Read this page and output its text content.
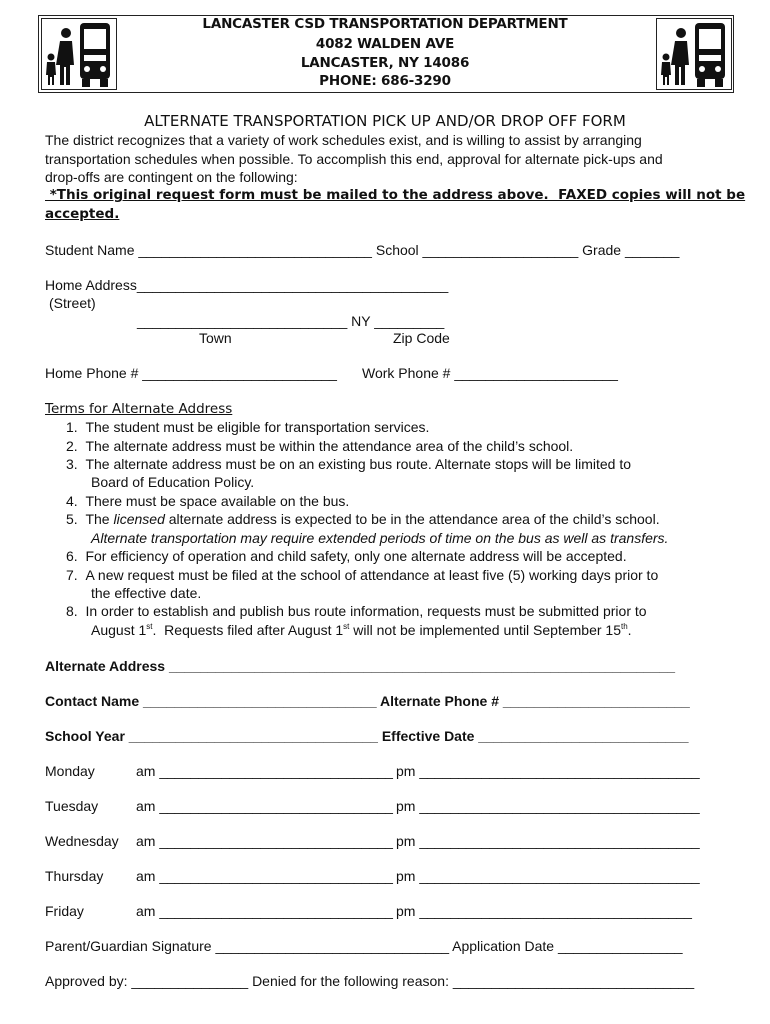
LANCASTER CSD TRANSPORTATION DEPARTMENT
4082 WALDEN AVE
LANCASTER, NY 14086
PHONE: 686-3290
ALTERNATE TRANSPORTATION PICK UP AND/OR DROP OFF FORM
The district recognizes that a variety of work schedules exist, and is willing to assist by arranging
transportation schedules when possible. To accomplish this end, approval for alternate pick-ups and
drop-offs are contingent on the following:
*This original request form must be mailed to the address above.  FAXED copies will not be
accepted.
Student Name ______________________________ School ____________________ Grade _______
Home Address________________________________________
(Street)
___________________________ NY _________
Town	Zip Code
Home Phone # _________________________ Work Phone # _____________________
Terms for Alternate Address
1. The student must be eligible for transportation services.
2. The alternate address must be within the attendance area of the child’s school.
3. The alternate address must be on an existing bus route. Alternate stops will be limited to
Board of Education Policy.
4. There must be space available on the bus.
5. The licensed alternate address is expected to be in the attendance area of the child’s school.
Alternate transportation may require extended periods of time on the bus as well as transfers.
6. For efficiency of operation and child safety, only one alternate address will be accepted.
7. A new request must be filed at the school of attendance at least five (5) working days prior to
the effective date.
8. In order to establish and publish bus route information, requests must be submitted prior to
August 1st.  Requests filed after August 1st will not be implemented until September 15th.
Alternate Address _________________________________________________________________
Contact Name ______________________________ Alternate Phone # ________________________
School Year ________________________________ Effective Date ___________________________
Monday	am ______________________________ pm ____________________________________
Tuesday	am ______________________________ pm ____________________________________
Wednesday am ______________________________ pm ____________________________________
Thursday am ______________________________ pm ____________________________________
Friday	am ______________________________ pm ___________________________________
Parent/Guardian Signature ______________________________ Application Date ________________
Approved by: _______________ Denied for the following reason: _______________________________
